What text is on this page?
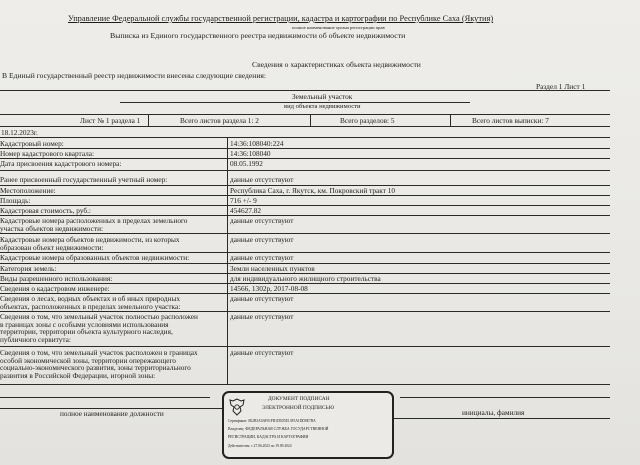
Управление Федеральной службы государственной регистрации, кадастра и картографии по Республике Саха (Якутия)
полное наименование органа регистрации прав
Выписка из Единого государственного реестра недвижимости об объекте недвижимости
Сведения о характеристиках объекта недвижимости
В Единый государственный реестр недвижимости внесены следующие сведения:
Раздел 1 Лист 1
Земельный участок
вид объекта недвижимости
Лист № 1 раздела 1	Всего листов раздела 1: 2	Всего разделов: 5	Всего листов выписки: 7
18.12.2023г.
Кадастровый номер:	14:36:108040:224
Номер кадастрового квартала:	14:36:108040
Дата присвоения кадастрового номера:	08.05.1992
Ранее присвоенный государственный учетный номер:	данные отсутствуют
Местоположение:	Республика Саха, г. Якутск, км. Покровский тракт 10
Площадь:	716 +/- 9
Кадастровая стоимость, руб.:	454627.82
Кадастровые номера расположенных в пределах земельного
участка объектов недвижимости:
данные отсутствуют
Кадастровые номера объектов недвижимости, из которых
образован объект недвижимости:
данные отсутствуют
Кадастровые номера образованных объектов недвижимости:	данные отсутствуют
Категория земель:	Земли населенных пунктов
Виды разрешенного использования:	для индивидуального жилищного строительства
Сведения о кадастровом инженере:	14566, 1302р, 2017-08-08
Сведения о лесах, водных объектах и об иных природных
объектах, расположенных в пределах земельного участка:
данные отсутствуют
Сведения о том, что земельный участок полностью расположен
в границах зоны с особыми условиями использования
территории, территории объекта культурного наследия,
публичного сервитута:
данные отсутствуют
Сведения о том, что земельный участок расположен в границах
особой экономической зоны, территории опережающего
социально-экономического развития, зоны территориального
развития в Российской Федерации, игорной зоны:
данные отсутствуют
полное наименование должности	инициалы, фамилия
ДОКУМЕНТ ПОДПИСАН
ЭЛЕКТРОННОЙ ПОДПИСЬЮ
Сертификат: 0E2B3A0AF01FB1D5D5E13F3A1DD8E7BA
Владелец: ФЕДЕРАЛЬНАЯ СЛУЖБА ГОСУДАРСТВЕННОЙ
РЕГИСТРАЦИИ, КАДАСТРА И КАРТОГРАФИИ
Действителен: с 27.06.2023 по 19.09.2024
